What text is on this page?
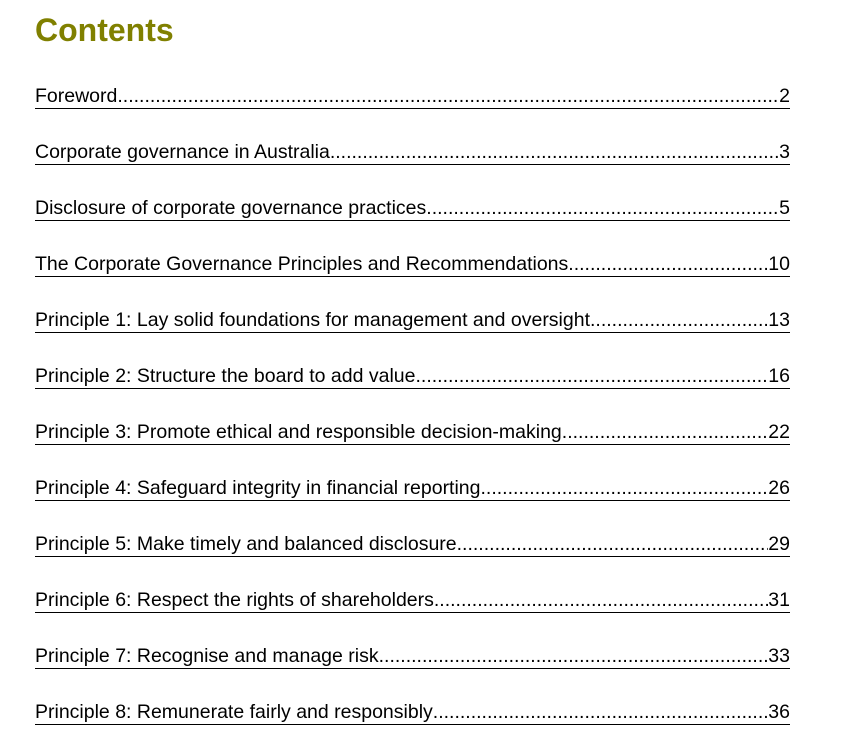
Contents
Foreword .....	2
Corporate governance in Australia .....	3
Disclosure of corporate governance practices .....	5
The Corporate Governance Principles and Recommendations .....	10
Principle 1: Lay solid foundations for management and oversight .....	13
Principle 2: Structure the board to add value .....	16
Principle 3: Promote ethical and responsible decision-making .....	22
Principle 4: Safeguard integrity in financial reporting .....	26
Principle 5: Make timely and balanced disclosure .....	29
Principle 6: Respect the rights of shareholders .....	31
Principle 7: Recognise and manage risk .....	33
Principle 8: Remunerate fairly and responsibly .....	36
